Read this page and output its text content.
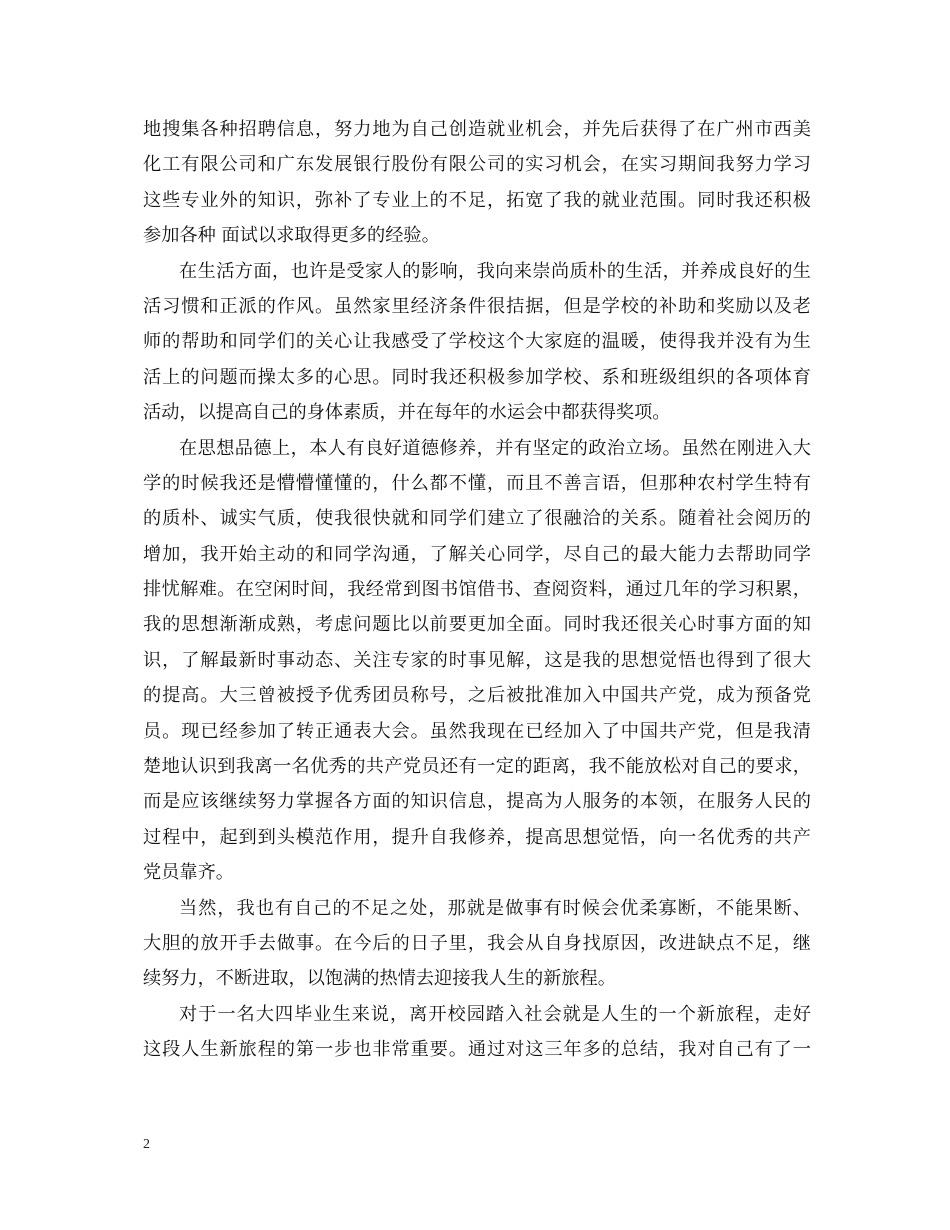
地搜集各种招聘信息，努力地为自己创造就业机会，并先后获得了在广州市西美
化工有限公司和广东发展银行股份有限公司的实习机会，在实习期间我努力学习
这些专业外的知识，弥补了专业上的不足，拓宽了我的就业范围。同时我还积极
参加各种 面试以求取得更多的经验。
在生活方面，也许是受家人的影响，我向来崇尚质朴的生活，并养成良好的生
活习惯和正派的作风。虽然家里经济条件很拮据，但是学校的补助和奖励以及老
师的帮助和同学们的关心让我感受了学校这个大家庭的温暖，使得我并没有为生
活上的问题而操太多的心思。同时我还积极参加学校、系和班级组织的各项体育
活动，以提高自己的身体素质，并在每年的水运会中都获得奖项。
在思想品德上，本人有良好道德修养，并有坚定的政治立场。虽然在刚进入大
学的时候我还是懵懵懂懂的，什么都不懂，而且不善言语，但那种农村学生特有
的质朴、诚实气质，使我很快就和同学们建立了很融洽的关系。随着社会阅历的
增加，我开始主动的和同学沟通，了解关心同学，尽自己的最大能力去帮助同学
排忧解难。在空闲时间，我经常到图书馆借书、查阅资料，通过几年的学习积累，
我的思想渐渐成熟，考虑问题比以前要更加全面。同时我还很关心时事方面的知
识，了解最新时事动态、关注专家的时事见解，这是我的思想觉悟也得到了很大
的提高。大三曾被授予优秀团员称号，之后被批准加入中国共产党，成为预备党
员。现已经参加了转正通表大会。虽然我现在已经加入了中国共产党，但是我清
楚地认识到我离一名优秀的共产党员还有一定的距离，我不能放松对自己的要求，
而是应该继续努力掌握各方面的知识信息，提高为人服务的本领，在服务人民的
过程中，起到到头模范作用，提升自我修养，提高思想觉悟，向一名优秀的共产
党员靠齐。
当然，我也有自己的不足之处，那就是做事有时候会优柔寡断，不能果断、
大胆的放开手去做事。在今后的日子里，我会从自身找原因，改进缺点不足，继
续努力，不断进取，以饱满的热情去迎接我人生的新旅程。
对于一名大四毕业生来说，离开校园踏入社会就是人生的一个新旅程，走好
这段人生新旅程的第一步也非常重要。通过对这三年多的总结，我对自己有了一
2
